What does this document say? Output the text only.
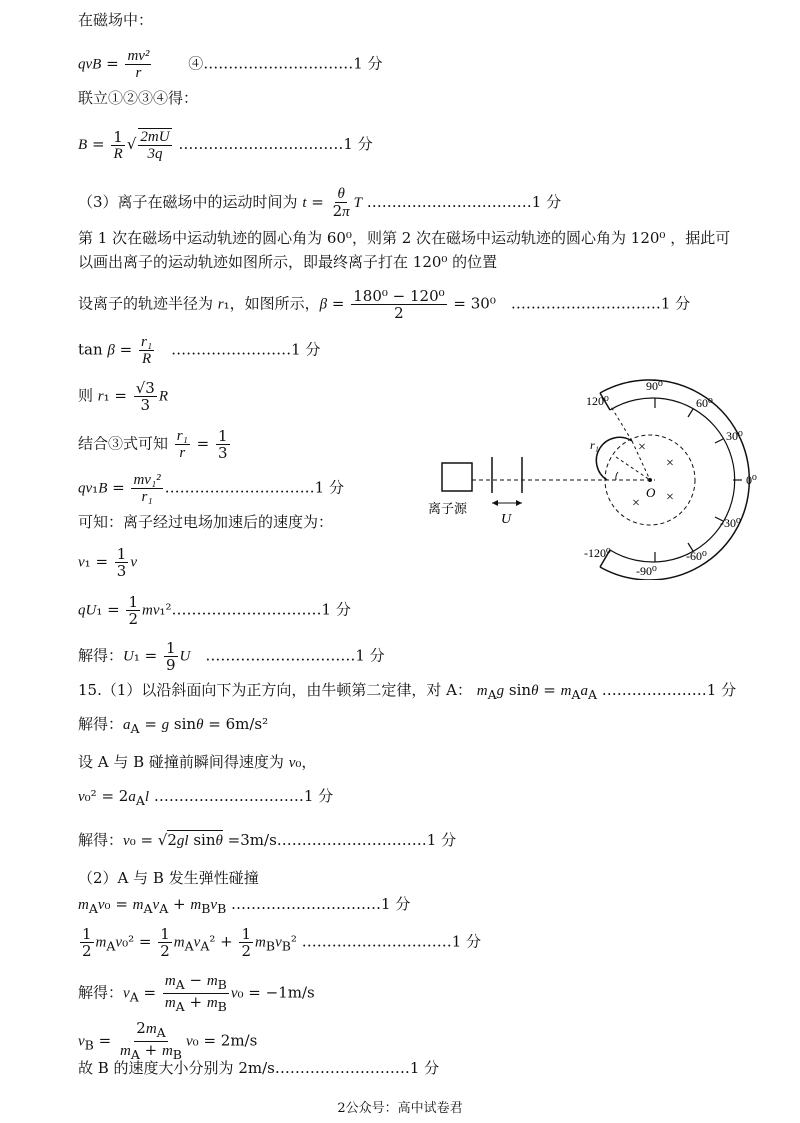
在磁场中：
qvB = $\frac{\text{mv²}}{r}$ 　　④…………………………1 分
联立①②③④得：
$B = \frac{1}{R}$ √ $\frac{2mU}{3q}$ ……………………………1 分
（3）离子在磁场中的运动时间为 $t = \frac{\theta}{2\pi}$ T ……………………………1 分
第 1 次在磁场中运动轨迹的圆心角为 60⁰，则第 2 次在磁场中运动轨迹的圆心角为 120⁰ ，据此可
以画出离子的运动轨迹如图所示，即最终离子打在 120⁰ 的位置
设离子的轨迹半径为 r₁，如图所示，$\beta = \frac{\text{180⁰ − 120⁰}}{2} = 30^0$　…………………………1 分
$\tan \beta = \frac{\text{r₁}}{R}$ 　……………………1 分
则 $r_1 = \frac{√3}{3}$ R
结合③式可知 $\frac{\text{r₁}}{r} = \frac{1}{3}$
$qv_1B = \frac{\text{mv₁²}}{\text{r₁}}$ …………………………1 分
可知：离子经过电场加速后的速度为：
$v_1 = \frac{1}{3}$ v
$qU_1 = \frac{1}{2}$ mv₁²…………………………1 分
解得：$U_1 = \frac{1}{9}$ U　…………………………1 分
15.（1）以沿斜面向下为正方向，由牛顿第二定律，对 A： $m_Ag$ $\sin\theta = m_Aa_A$ …………………1 分
解得：$a_A = g$ sinθ = 6m/s²
设 A 与 B 碰撞前瞬间得速度为 v₀，
$v_0^2 = 2a_Al$ …………………………1 分
解得：v₀ = √2gl sinθ =3m/s…………………………1 分
（2）A 与 B 发生弹性碰撞
$m_Av_0 = m_Av_A + m_Bv_B$ …………………………1 分
$\frac{1}{2} m_Av_0^2 = \frac{1}{2} m_Av_A^2 + \frac{1}{2} m_Bv_B^2$ …………………………1 分
解得：$v_A = \frac{m_A - m_B}{m_A + m_B} v_0 = -1m/s$
$v_B = \frac{2m_A}{m_A + m_B} v_0 = 2m/s$
故 B 的速度大小分别为 2m/s………………………1 分
离子源
U
r₁
O
×
×
× ×
120⁰
90⁰
60⁰
30⁰
0⁰
-30⁰
-60⁰
-90⁰
-120⁰
2公众号：高中试卷君
